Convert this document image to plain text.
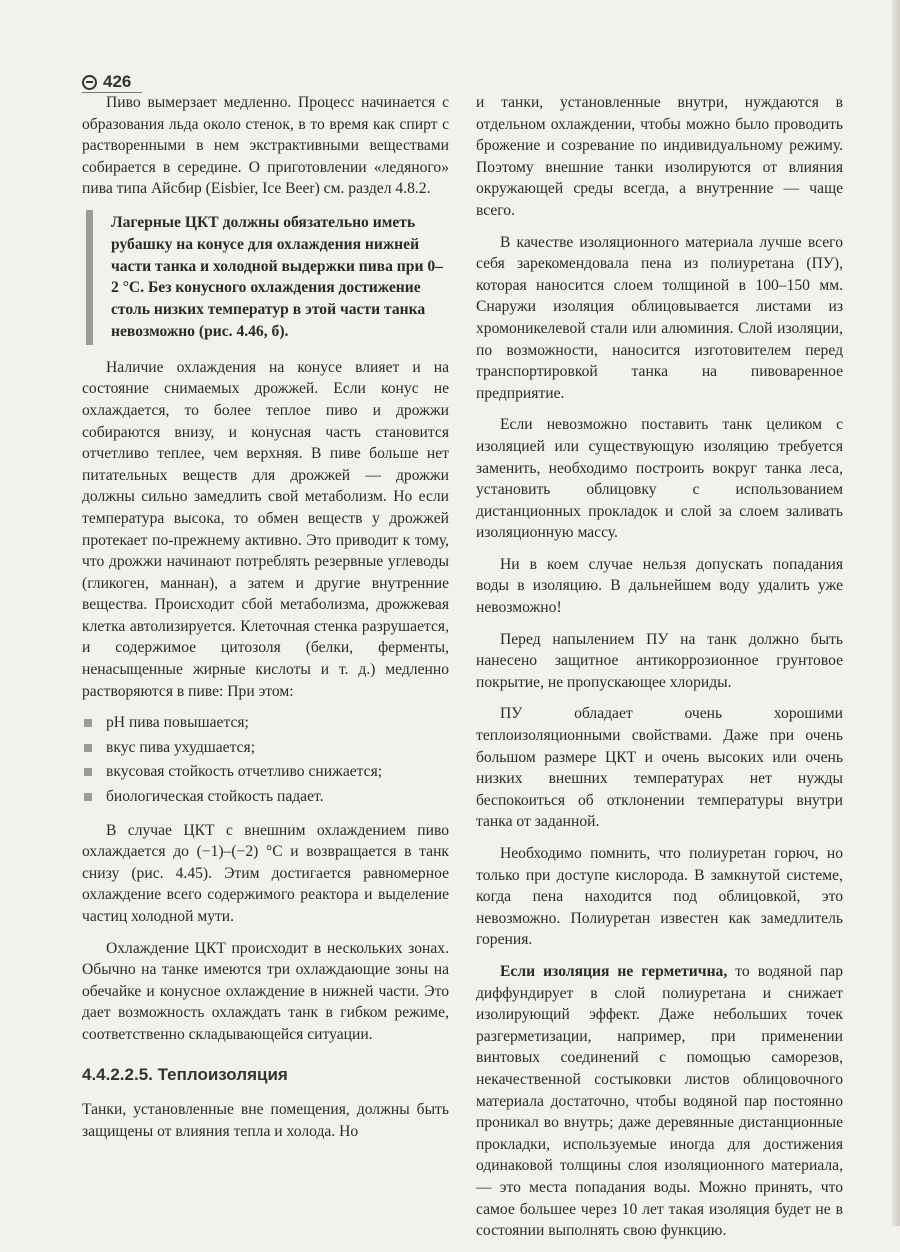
426

Пиво вымерзает медленно. Процесс начинается с образования льда около стенок, в то время как спирт с растворенными в нем экстрактивными веществами собирается в середине. О приготовлении «ледяного» пива типа Айсбир (Eisbier, Ice Beer) см. раздел 4.8.2.

Лагерные ЦКТ должны обязательно иметь рубашку на конусе для охлаждения нижней части танка и холодной выдержки пива при 0–2 °С. Без конусного охлаждения достижение столь низких температур в этой части танка невозможно (рис. 4.46, б).

Наличие охлаждения на конусе влияет и на состояние снимаемых дрожжей. Если конус не охлаждается, то более теплое пиво и дрожжи собираются внизу, и конусная часть становится отчетливо теплее, чем верхняя. В пиве больше нет питательных веществ для дрожжей — дрожжи должны сильно замедлить свой метаболизм. Но если температура высока, то обмен веществ у дрожжей протекает по-прежнему активно. Это приводит к тому, что дрожжи начинают потреблять резервные углеводы (гликоген, маннан), а затем и другие внутренние вещества. Происходит сбой метаболизма, дрожжевая клетка автолизируется. Клеточная стенка разрушается, и содержимое цитозоля (белки, ферменты, ненасыщенные жирные кислоты и т. д.) медленно растворяются в пиве: При этом:

pH пива повышается;
вкус пива ухудшается;
вкусовая стойкость отчетливо снижается;
биологическая стойкость падает.

В случае ЦКТ с внешним охлаждением пиво охлаждается до (−1)–(−2) °С и возвращается в танк снизу (рис. 4.45). Этим достигается равномерное охлаждение всего содержимого реактора и выделение частиц холодной мути.

Охлаждение ЦКТ происходит в нескольких зонах. Обычно на танке имеются три охлаждающие зоны на обечайке и конусное охлаждение в нижней части. Это дает возможность охлаждать танк в гибком режиме, соответственно складывающейся ситуации.

4.4.2.2.5. Теплоизоляция

Танки, установленные вне помещения, должны быть защищены от влияния тепла и холода. Но

и танки, установленные внутри, нуждаются в отдельном охлаждении, чтобы можно было проводить брожение и созревание по индивидуальному режиму. Поэтому внешние танки изолируются от влияния окружающей среды всегда, а внутренние — чаще всего.

В качестве изоляционного материала лучше всего себя зарекомендовала пена из полиуретана (ПУ), которая наносится слоем толщиной в 100–150 мм. Снаружи изоляция облицовывается листами из хромоникелевой стали или алюминия. Слой изоляции, по возможности, наносится изготовителем перед транспортировкой танка на пивоваренное предприятие.

Если невозможно поставить танк целиком с изоляцией или существующую изоляцию требуется заменить, необходимо построить вокруг танка леса, установить облицовку с использованием дистанционных прокладок и слой за слоем заливать изоляционную массу.

Ни в коем случае нельзя допускать попадания воды в изоляцию. В дальнейшем воду удалить уже невозможно!

Перед напылением ПУ на танк должно быть нанесено защитное антикоррозионное грунтовое покрытие, не пропускающее хлориды.

ПУ обладает очень хорошими теплоизоляционными свойствами. Даже при очень большом размере ЦКТ и очень высоких или очень низких внешних температурах нет нужды беспокоиться об отклонении температуры внутри танка от заданной.

Необходимо помнить, что полиуретан горюч, но только при доступе кислорода. В замкнутой системе, когда пена находится под облицовкой, это невозможно. Полиуретан известен как замедлитель горения.

Если изоляция не герметична, то водяной пар диффундирует в слой полиуретана и снижает изолирующий эффект. Даже небольших точек разгерметизации, например, при применении винтовых соединений с помощью саморезов, некачественной состыковки листов облицовочного материала достаточно, чтобы водяной пар постоянно проникал во внутрь; даже деревянные дистанционные прокладки, используемые иногда для достижения одинаковой толщины слоя изоляционного материала, — это места попадания воды. Можно принять, что самое большее через 10 лет такая изоляция будет не в состоянии выполнять свою функцию.
